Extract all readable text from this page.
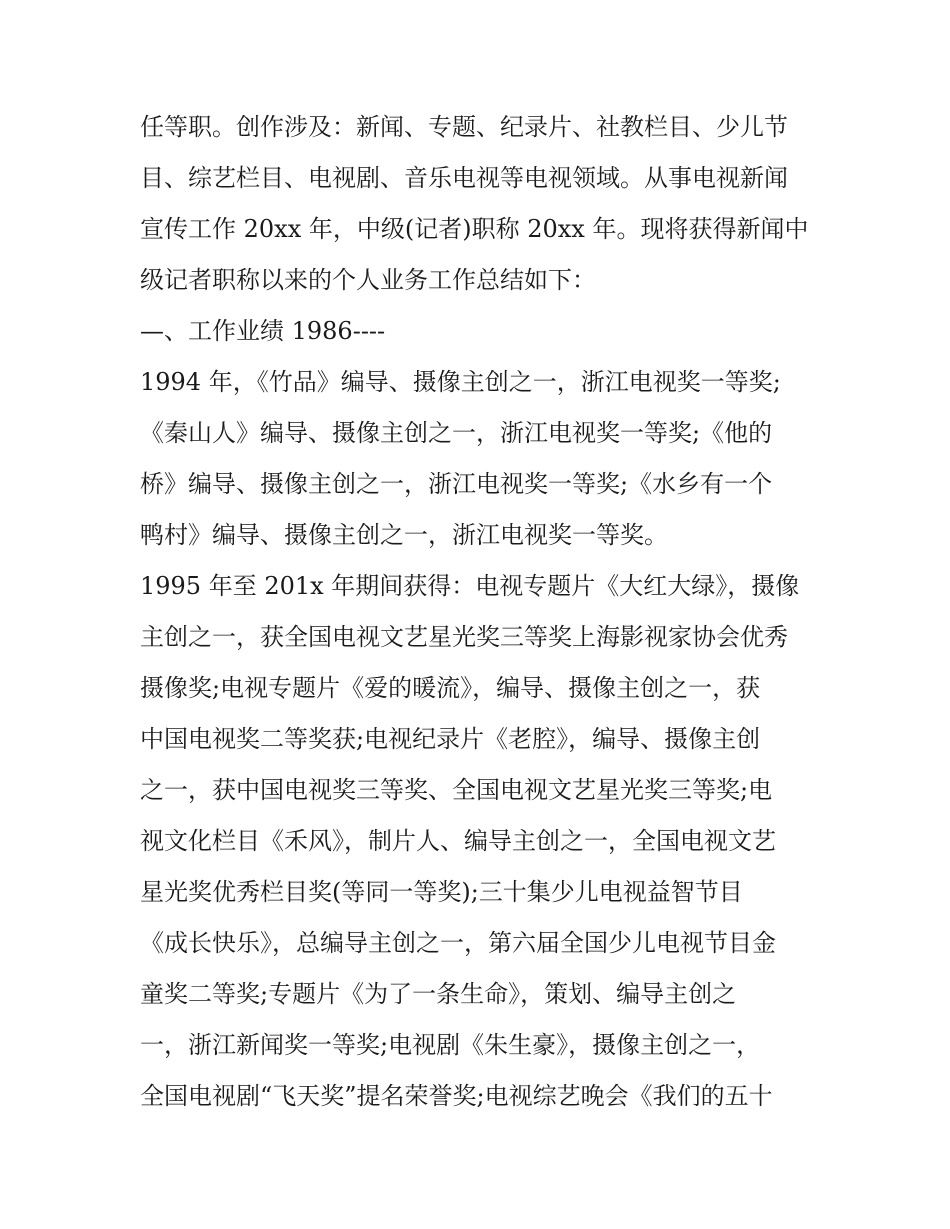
任等职。创作涉及：新闻、专题、纪录片、社教栏目、少儿节
目、综艺栏目、电视剧、音乐电视等电视领域。从事电视新闻
宣传工作 20xx 年，中级(记者)职称 20xx 年。现将获得新闻中
级记者职称以来的个人业务工作总结如下：
—、工作业绩 1986----
1994 年，《竹品》编导、摄像主创之一，浙江电视奖一等奖;
《秦山人》编导、摄像主创之一，浙江电视奖一等奖;《他的
桥》编导、摄像主创之一，浙江电视奖一等奖;《水乡有一个
鸭村》编导、摄像主创之一，浙江电视奖一等奖。
1995 年至 201x 年期间获得：电视专题片《大红大绿》，摄像
主创之一，获全国电视文艺星光奖三等奖上海影视家协会优秀
摄像奖;电视专题片《爱的暖流》，编导、摄像主创之一，获
中国电视奖二等奖获;电视纪录片《老腔》，编导、摄像主创
之一，获中国电视奖三等奖、全国电视文艺星光奖三等奖;电
视文化栏目《禾风》，制片人、编导主创之一，全国电视文艺
星光奖优秀栏目奖(等同一等奖);三十集少儿电视益智节目
《成长快乐》，总编导主创之一，第六届全国少儿电视节目金
童奖二等奖;专题片《为了一条生命》，策划、编导主创之
一，浙江新闻奖一等奖;电视剧《朱生豪》，摄像主创之一，
全国电视剧“飞天奖”提名荣誉奖;电视综艺晚会《我们的五十
